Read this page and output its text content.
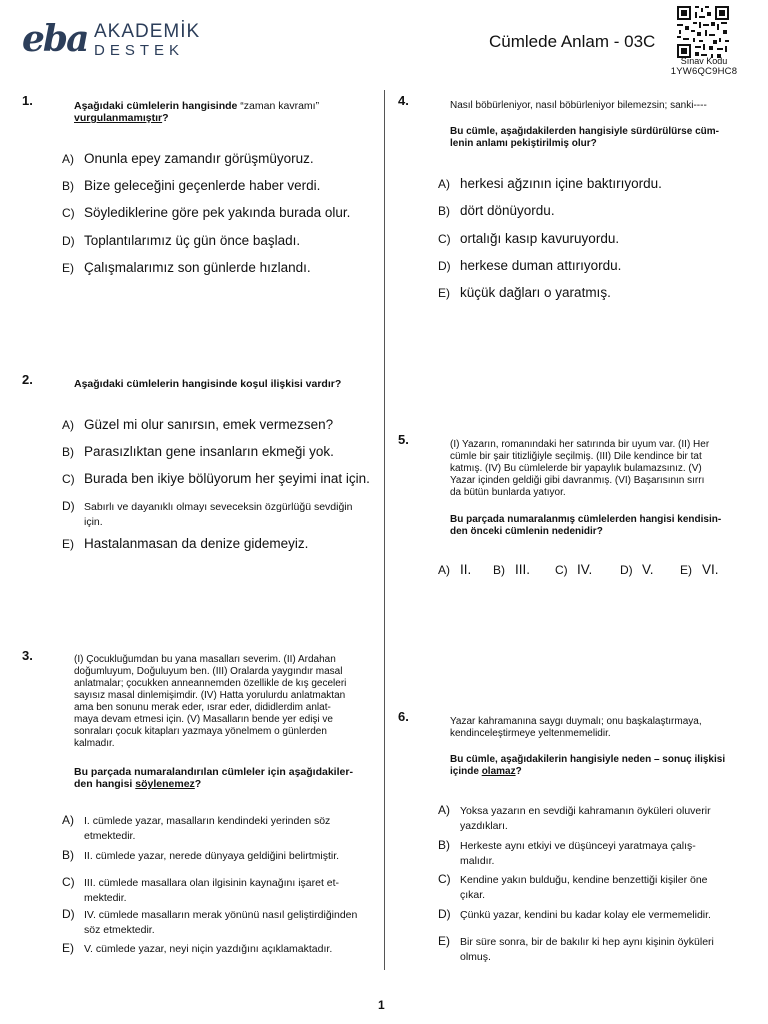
eba AKADEMİK
DESTEK	Cümlede Anlam - 03C
Sınav Kodu
1YW6QC9HC8
1.	Aşağıdaki cümlelerin hangisinde “zaman kavramı”
vurgulanmamıştır?
A) Onunla epey zamandır görüşmüyoruz.
B) Bize geleceğini geçenlerde haber verdi.
C) Söylediklerine göre pek yakında burada olur.
D) Toplantılarımız üç gün önce başladı.
E) Çalışmalarımız son günlerde hızlandı.
2.	Aşağıdaki cümlelerin hangisinde koşul ilişkisi vardır?
A) Güzel mi olur sanırsın, emek vermezsen?
B) Parasızlıktan gene insanların ekmeği yok.
C) Burada ben ikiye bölüyorum her şeyimi inat için.
D) Sabırlı ve dayanıklı olmayı seveceksin özgürlüğü sevdiğin
için.
E) Hastalanmasan da denize gidemeyiz.
3.	(I) Çocukluğumdan bu yana masalları severim. (II) Ardahan
doğumluyum, Doğuluyum ben. (III) Oralarda yaygındır masal
anlatmalar; çocukken anneannemden özellikle de kış geceleri
sayısız masal dinlemişimdir. (IV) Hatta yorulurdu anlatmaktan
ama ben sonunu merak eder, ısrar eder, dididlerdim anlat-
maya devam etmesi için. (V) Masalların bende yer edişi ve
sonraları çocuk kitapları yazmaya yönelmem o günlerden
kalmadır.
Bu parçada numaralandırılan cümleler için aşağıdakiler-
den hangisi söylenemez?
A) I. cümlede yazar, masalların kendindeki yerinden söz
etmektedir.
B) II. cümlede yazar, nerede dünyaya geldiğini belirtmiştir.
C) III. cümlede masallara olan ilgisinin kaynağını işaret et-
mektedir.
D) IV. cümlede masalların merak yönünü nasıl geliştirdiğinden
söz etmektedir.
E) V. cümlede yazar, neyi niçin yazdığını açıklamaktadır.
4.	Nasıl böbürleniyor, nasıl böbürleniyor bilemezsin; sanki----
Bu cümle, aşağıdakilerden hangisiyle sürdürülürse cüm-
lenin anlamı pekiştirilmiş olur?
A) herkesi ağzının içine baktırıyordu.
B) dört dönüyordu.
C) ortalığı kasıp kavuruyordu.
D) herkese duman attırıyordu.
E) küçük dağları o yaratmış.
5.	(I) Yazarın, romanındaki her satırında bir uyum var. (II) Her
cümle bir şair titizliğiyle seçilmiş. (III) Dile kendince bir tat
katmış. (IV) Bu cümlelerde bir yapaylık bulamazsınız. (V)
Yazar içinden geldiği gibi davranmış. (VI) Başarısının sırrı
da bütün bunlarda yatıyor.
Bu parçada numaralanmış cümlelerden hangisi kendisin-
den önceki cümlenin nedenidir?
A) II. B) III. C) IV. D) V. E) VI.
6.	Yazar kahramanına saygı duymalı; onu başkalaştırmaya,
kendinceleştirmeye yeltenmemelidir.
Bu cümle, aşağıdakilerin hangisiyle neden – sonuç ilişkisi
içinde olamaz?
A) Yoksa yazarın en sevdiği kahramanın öyküleri oluverir
yazdıkları.
B) Herkeste aynı etkiyi ve düşünceyi yaratmaya çalış-
malıdır.
C) Kendine yakın bulduğu, kendine benzettiği kişiler öne
çıkar.
D) Çünkü yazar, kendini bu kadar kolay ele vermemelidir.
E) Bir süre sonra, bir de bakılır ki hep aynı kişinin öyküleri
olmuş.
1
